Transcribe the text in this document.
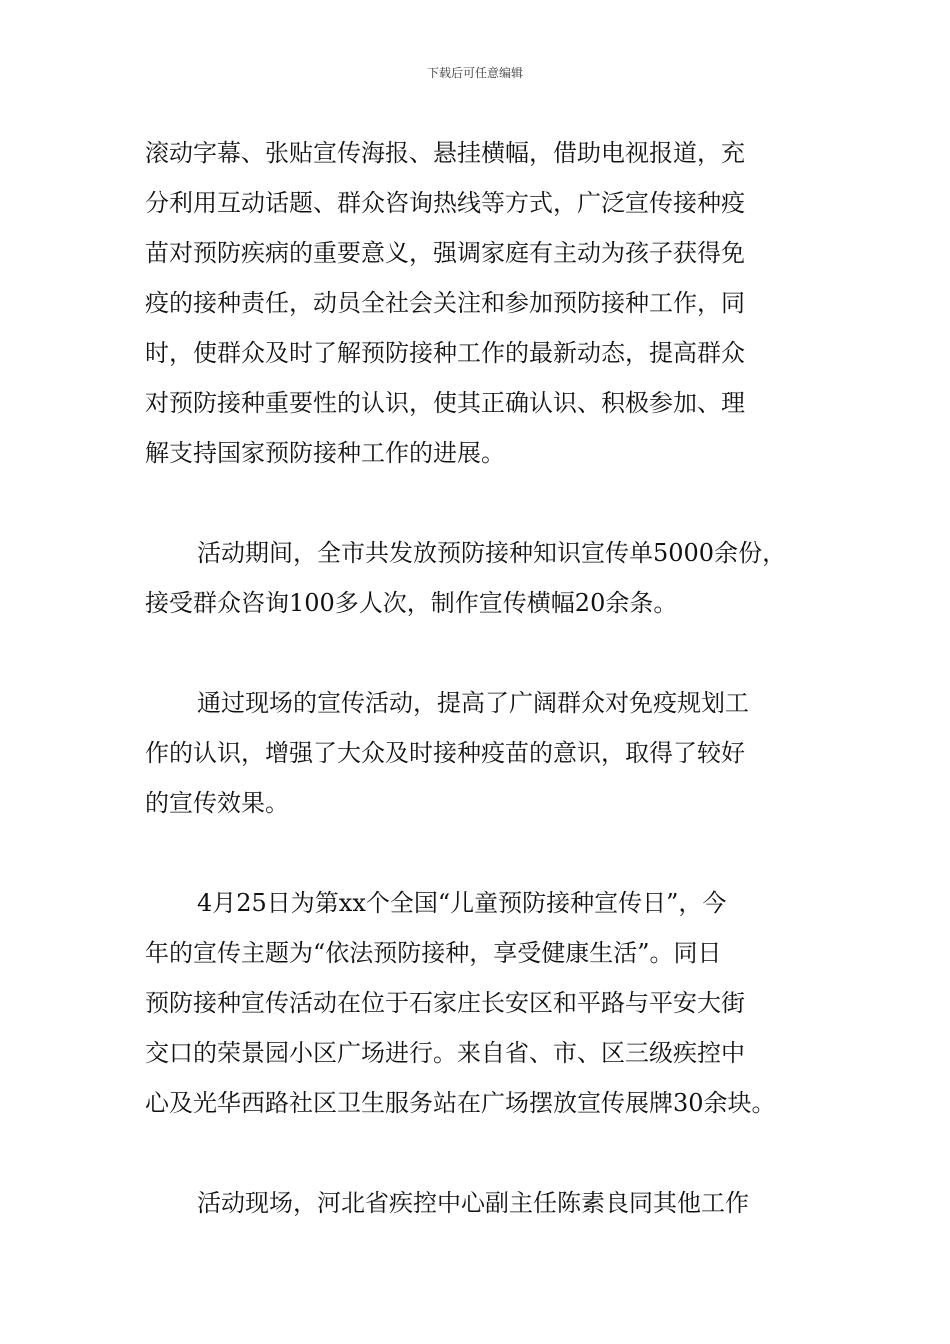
下载后可任意编辑

滚动字幕、张贴宣传海报、悬挂横幅，借助电视报道，充
分利用互动话题、群众咨询热线等方式，广泛宣传接种疫
苗对预防疾病的重要意义，强调家庭有主动为孩子获得免
疫的接种责任，动员全社会关注和参加预防接种工作，同
时，使群众及时了解预防接种工作的最新动态，提高群众
对预防接种重要性的认识，使其正确认识、积极参加、理
解支持国家预防接种工作的进展。

活动期间，全市共发放预防接种知识宣传单5000余份，
接受群众咨询100多人次，制作宣传横幅20余条。

通过现场的宣传活动，提高了广阔群众对免疫规划工
作的认识，增强了大众及时接种疫苗的意识，取得了较好
的宣传效果。

4月25日为第xx个全国“儿童预防接种宣传日”，今
年的宣传主题为“依法预防接种，享受健康生活”。同日
预防接种宣传活动在位于石家庄长安区和平路与平安大街
交口的荣景园小区广场进行。来自省、市、区三级疾控中
心及光华西路社区卫生服务站在广场摆放宣传展牌30余块。

活动现场，河北省疾控中心副主任陈素良同其他工作
